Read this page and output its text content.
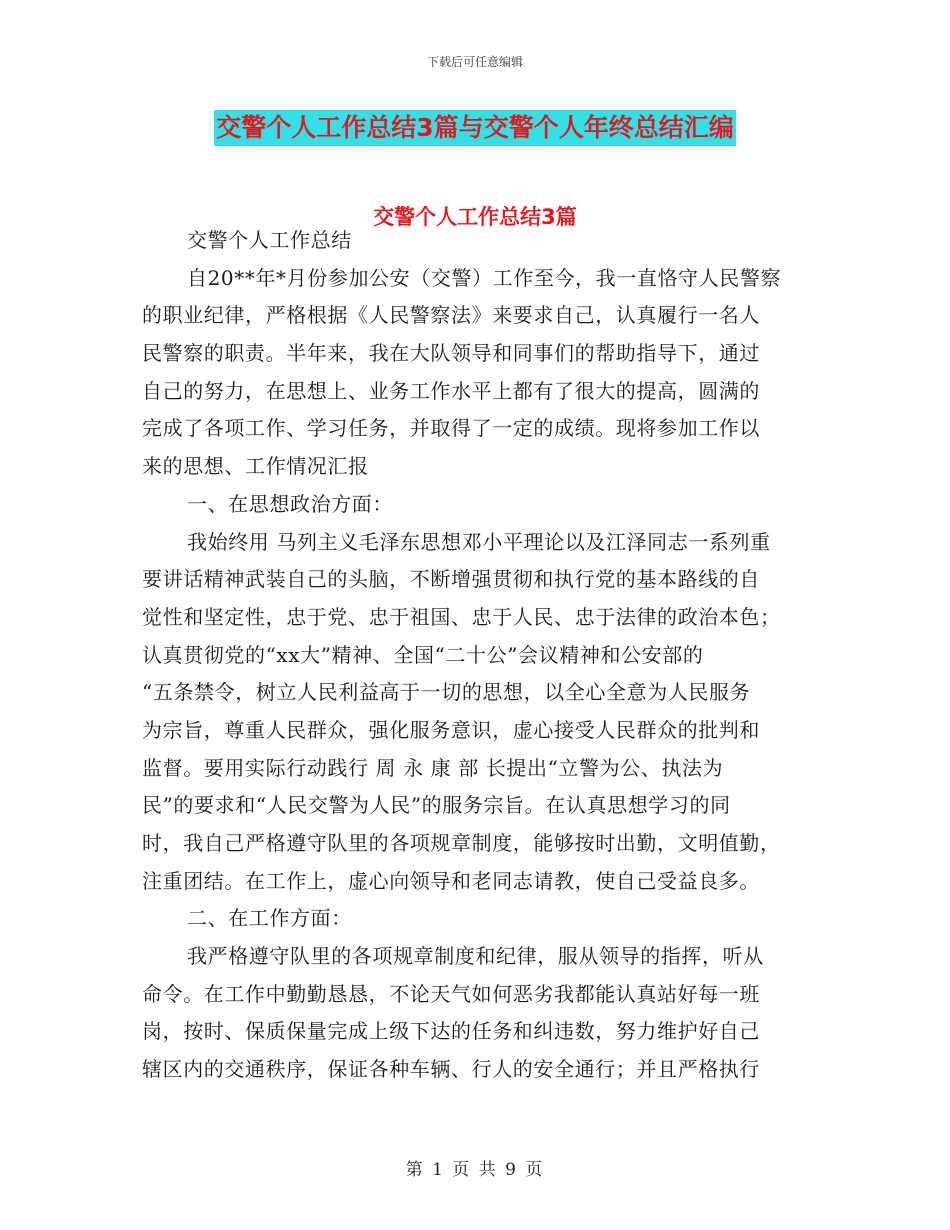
下载后可任意编辑
交警个人工作总结3篇与交警个人年终总结汇编
交警个人工作总结3篇
交警个人工作总结
自20**年*月份参加公安（交警）工作至今，我一直恪守人民警察
的职业纪律，严格根据《人民警察法》来要求自己，认真履行一名人
民警察的职责。半年来，我在大队领导和同事们的帮助指导下，通过
自己的努力，在思想上、业务工作水平上都有了很大的提高，圆满的
完成了各项工作、学习任务，并取得了一定的成绩。现将参加工作以
来的思想、工作情况汇报
一、在思想政治方面：
我始终用 马列主义毛泽东思想邓小平理论以及江泽同志一系列重
要讲话精神武装自己的头脑，不断增强贯彻和执行党的基本路线的自
觉性和坚定性，忠于党、忠于祖国、忠于人民、忠于法律的政治本色；
认真贯彻党的“xx大”精神、全国“二十公”会议精神和公安部的
“五条禁令，树立人民利益高于一切的思想，以全心全意为人民服务
为宗旨，尊重人民群众，强化服务意识，虚心接受人民群众的批判和
监督。要用实际行动践行 周 永 康 部 长提出“立警为公、执法为
民”的要求和“人民交警为人民”的服务宗旨。在认真思想学习的同
时，我自己严格遵守队里的各项规章制度，能够按时出勤，文明值勤，
注重团结。在工作上，虚心向领导和老同志请教，使自己受益良多。
二、在工作方面：
我严格遵守队里的各项规章制度和纪律，服从领导的指挥，听从
命令。在工作中勤勤恳恳，不论天气如何恶劣我都能认真站好每一班
岗，按时、保质保量完成上级下达的任务和纠违数，努力维护好自己
辖区内的交通秩序，保证各种车辆、行人的安全通行；并且严格执行
第 1 页 共 9 页
